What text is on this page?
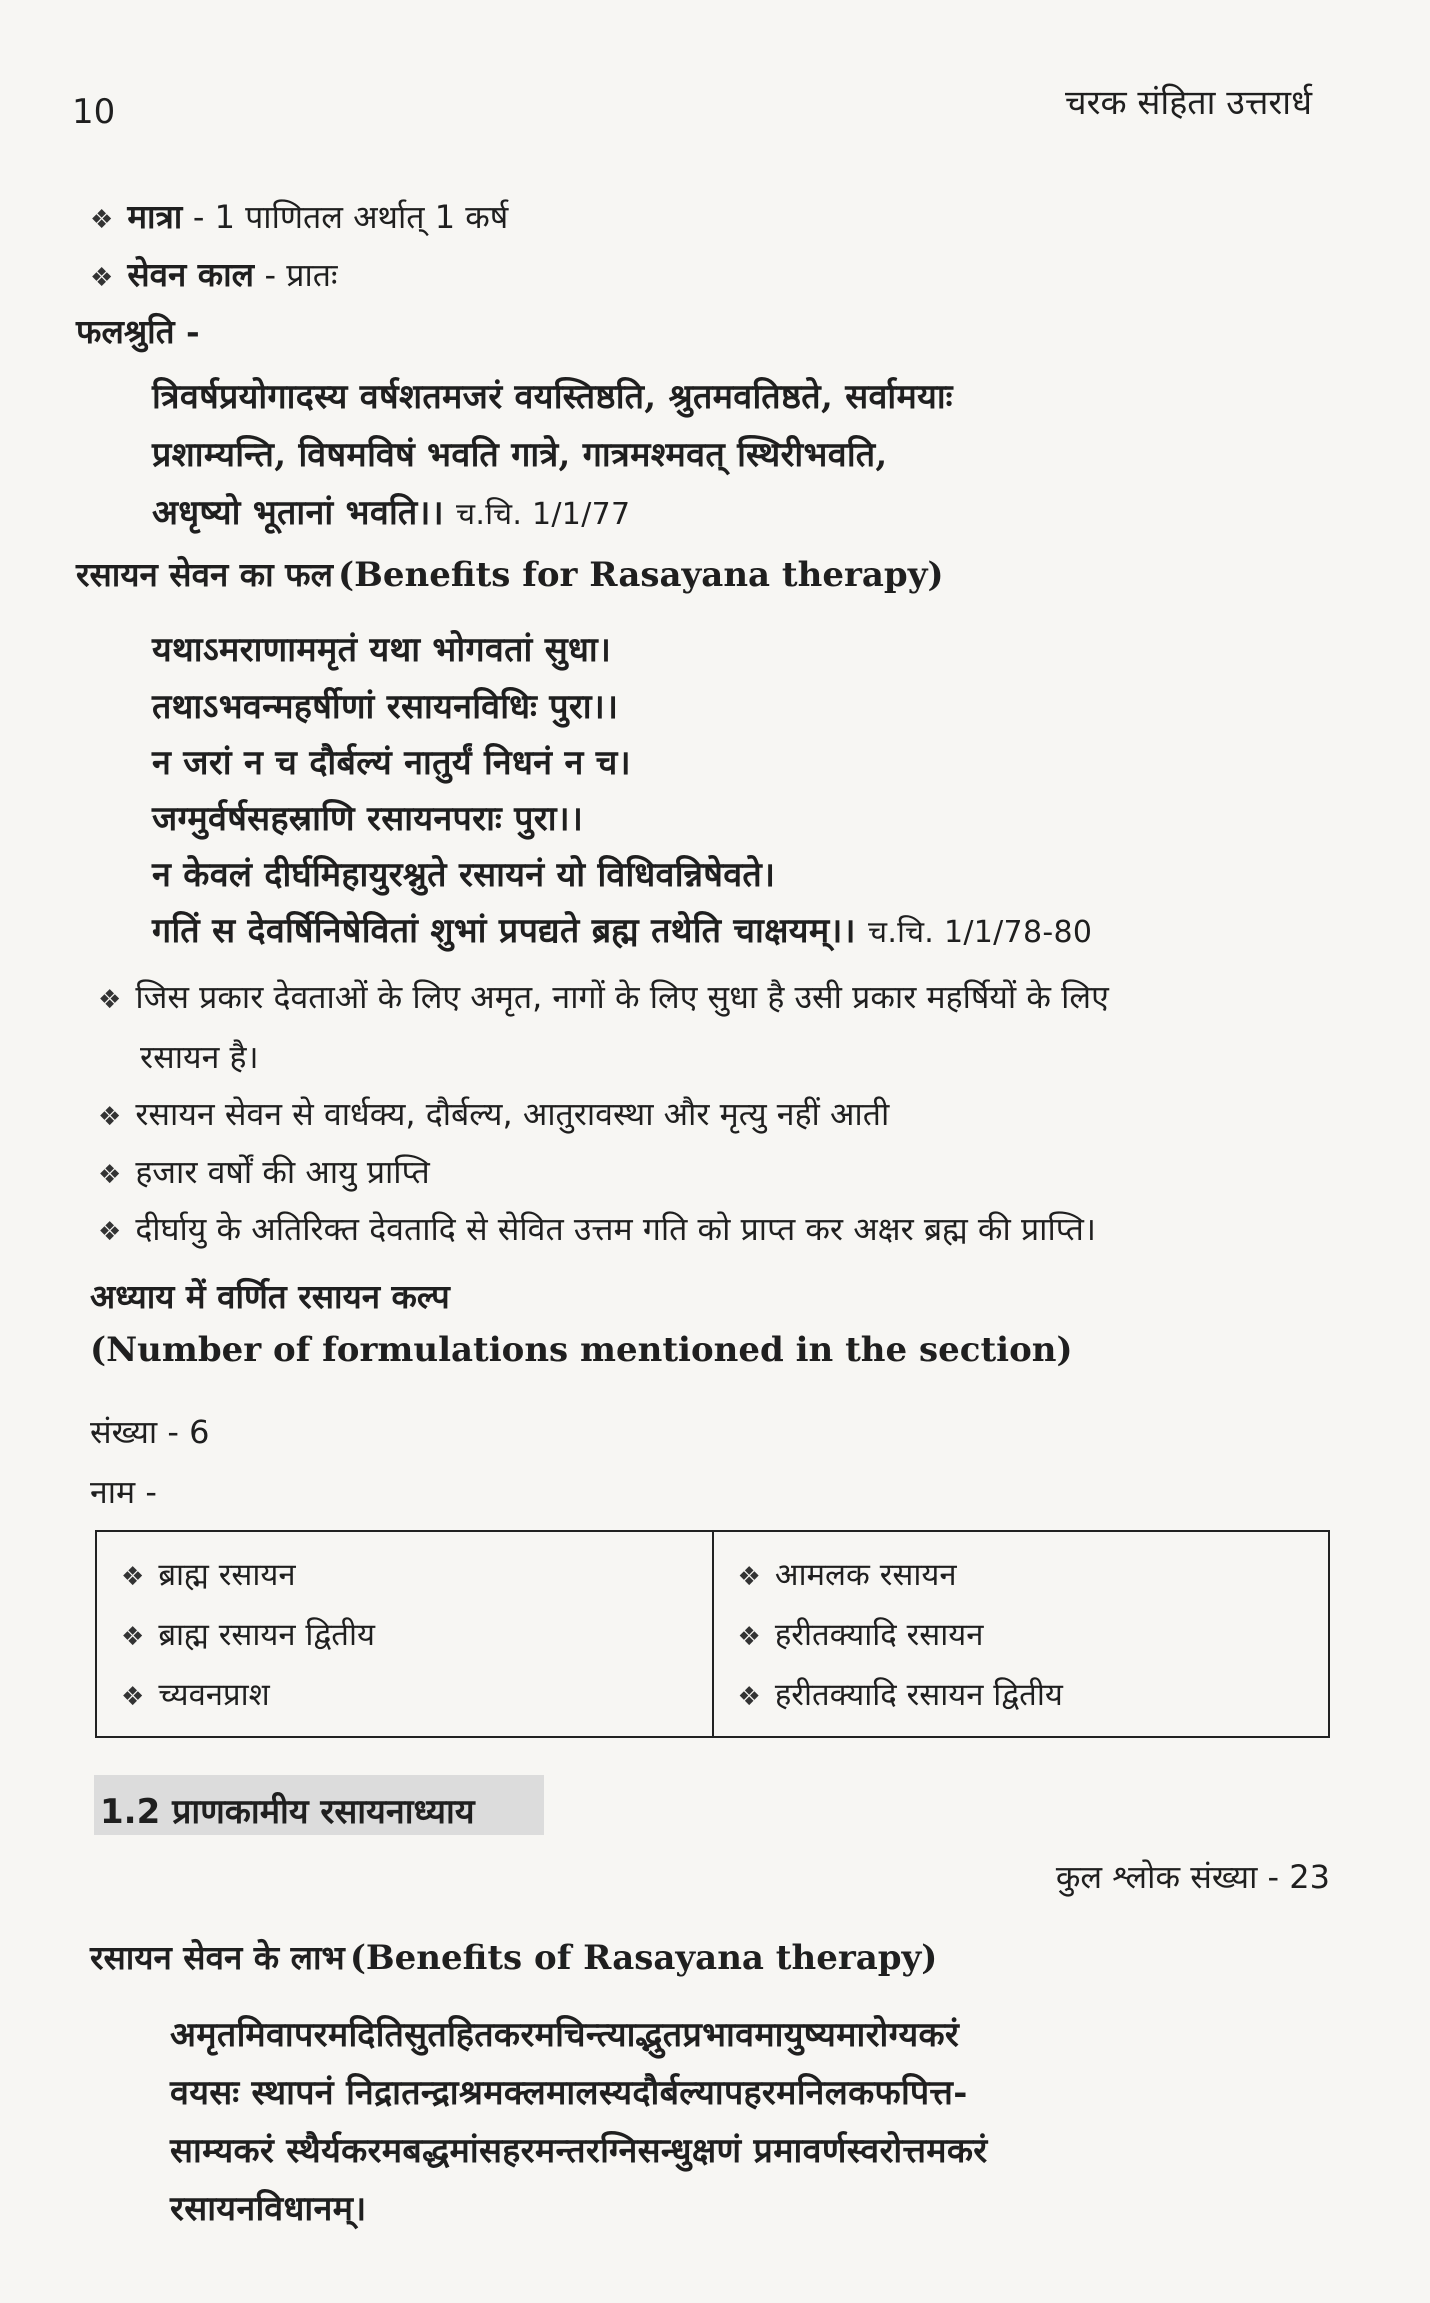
10	चरक संहिता उत्तरार्ध
❖ मात्रा - 1 पाणितल अर्थात् 1 कर्ष
❖ सेवन काल - प्रातः
फलश्रुति -
त्रिवर्षप्रयोगादस्य वर्षशतमजरं वयस्तिष्ठति, श्रुतमवतिष्ठते, सर्वामयाः
प्रशाम्यन्ति, विषमविषं भवति गात्रे, गात्रमश्मवत् स्थिरीभवति,
अधृष्यो भूतानां भवति।। च.चि. 1/1/77
रसायन सेवन का फल (Benefits for Rasayana therapy)
यथाऽमराणाममृतं यथा भोगवतां सुधा।
तथाऽभवन्महर्षीणां रसायनविधिः पुरा।।
न जरां न च दौर्बल्यं नातुर्यं निधनं न च।
जग्मुर्वर्षसहस्राणि रसायनपराः पुरा।।
न केवलं दीर्घमिहायुरश्नुते रसायनं यो विधिवन्निषेवते।
गतिं स देवर्षिनिषेवितां शुभां प्रपद्यते ब्रह्म तथेति चाक्षयम्।। च.चि. 1/1/78-80
❖ जिस प्रकार देवताओं के लिए अमृत, नागों के लिए सुधा है उसी प्रकार महर्षियों के लिए
रसायन है।
❖ रसायन सेवन से वार्धक्य, दौर्बल्य, आतुरावस्था और मृत्यु नहीं आती
❖ हजार वर्षों की आयु प्राप्ति
❖ दीर्घायु के अतिरिक्त देवतादि से सेवित उत्तम गति को प्राप्त कर अक्षर ब्रह्म की प्राप्ति।
अध्याय में वर्णित रसायन कल्प
(Number of formulations mentioned in the section)
संख्या - 6
नाम -
❖ ब्राह्म रसायन
❖ ब्राह्म रसायन द्वितीय
❖ च्यवनप्राश

❖ आमलक रसायन
❖ हरीतक्यादि रसायन
❖ हरीतक्यादि रसायन द्वितीय
1.2 प्राणकामीय रसायनाध्याय
कुल श्लोक संख्या - 23
रसायन सेवन के लाभ (Benefits of Rasayana therapy)
अमृतमिवापरमदितिसुतहितकरमचिन्त्याद्भुतप्रभावमायुष्यमारोग्यकरं
वयसः स्थापनं निद्रातन्द्राश्रमक्लमालस्यदौर्बल्यापहरमनिलकफपित्त-
साम्यकरं स्थैर्यकरमबद्धमांसहरमन्तरग्निसन्धुक्षणं प्रमावर्णस्वरोत्तमकरं
रसायनविधानम्।
